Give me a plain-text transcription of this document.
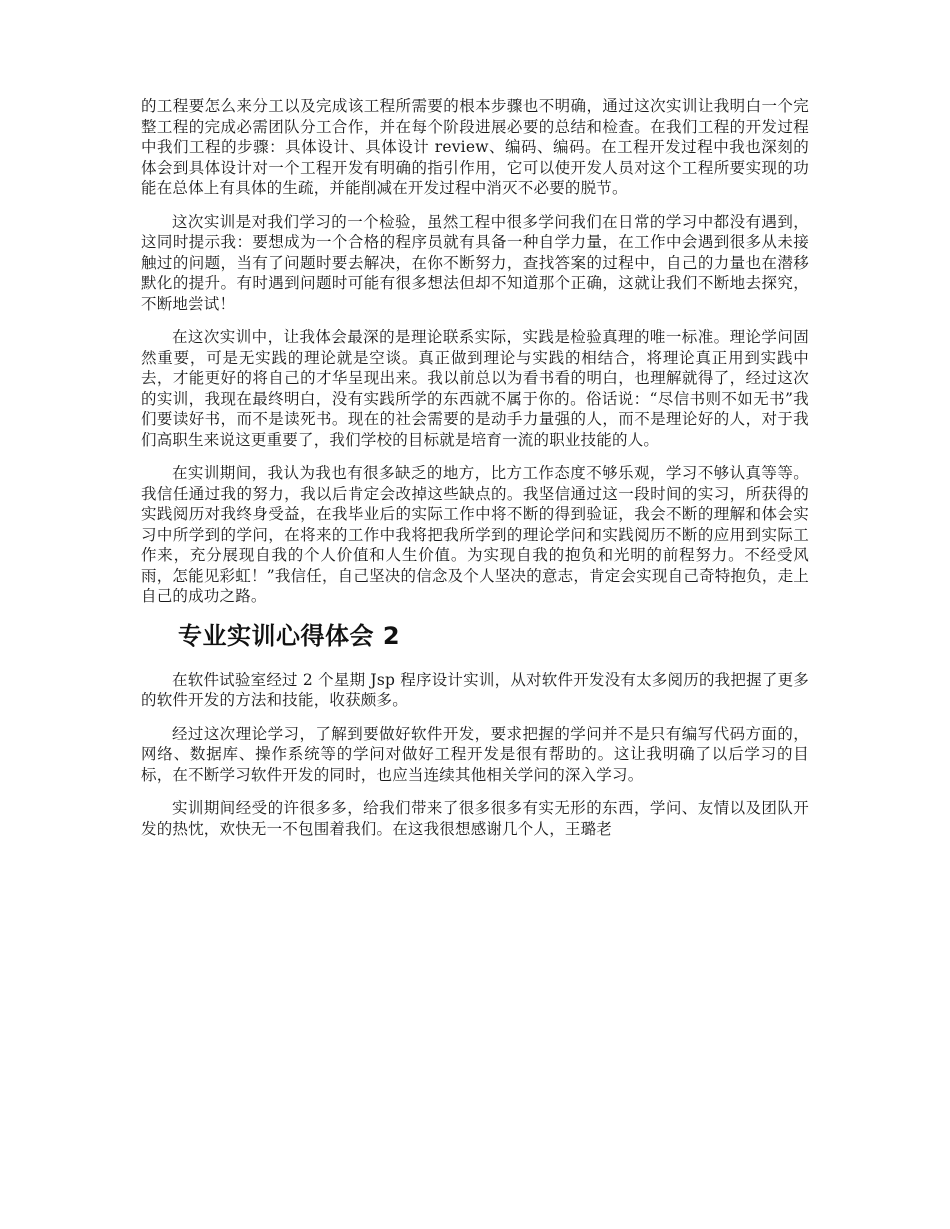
的工程要怎么来分工以及完成该工程所需要的根本步骤也不明确，通过这次实训让我明白一个完整工程的完成必需团队分工合作，并在每个阶段进展必要的总结和检查。在我们工程的开发过程中我们工程的步骤：具体设计、具体设计 review、编码、编码。在工程开发过程中我也深刻的体会到具体设计对一个工程开发有明确的指引作用，它可以使开发人员对这个工程所要实现的功能在总体上有具体的生疏，并能削减在开发过程中消灭不必要的脱节。

这次实训是对我们学习的一个检验，虽然工程中很多学问我们在日常的学习中都没有遇到，这同时提示我：要想成为一个合格的程序员就有具备一种自学力量，在工作中会遇到很多从未接触过的问题，当有了问题时要去解决，在你不断努力，查找答案的过程中，自己的力量也在潜移默化的提升。有时遇到问题时可能有很多想法但却不知道那个正确，这就让我们不断地去探究，不断地尝试！

在这次实训中，让我体会最深的是理论联系实际，实践是检验真理的唯一标准。理论学问固然重要，可是无实践的理论就是空谈。真正做到理论与实践的相结合，将理论真正用到实践中去，才能更好的将自己的才华呈现出来。我以前总以为看书看的明白，也理解就得了，经过这次的实训，我现在最终明白，没有实践所学的东西就不属于你的。俗话说：“尽信书则不如无书”我们要读好书，而不是读死书。现在的社会需要的是动手力量强的人，而不是理论好的人，对于我们高职生来说这更重要了，我们学校的目标就是培育一流的职业技能的人。

在实训期间，我认为我也有很多缺乏的地方，比方工作态度不够乐观，学习不够认真等等。我信任通过我的努力，我以后肯定会改掉这些缺点的。我坚信通过这一段时间的实习，所获得的实践阅历对我终身受益，在我毕业后的实际工作中将不断的得到验证，我会不断的理解和体会实习中所学到的学问，在将来的工作中我将把我所学到的理论学问和实践阅历不断的应用到实际工作来，充分展现自我的个人价值和人生价值。为实现自我的抱负和光明的前程努力。不经受风雨，怎能见彩虹！”我信任，自己坚决的信念及个人坚决的意志，肯定会实现自己奇特抱负，走上自己的成功之路。

专业实训心得体会 2

在软件试验室经过 2 个星期 Jsp 程序设计实训，从对软件开发没有太多阅历的我把握了更多的软件开发的方法和技能，收获颇多。

经过这次理论学习，了解到要做好软件开发，要求把握的学问并不是只有编写代码方面的，网络、数据库、操作系统等的学问对做好工程开发是很有帮助的。这让我明确了以后学习的目标，在不断学习软件开发的同时，也应当连续其他相关学问的深入学习。

实训期间经受的许很多多，给我们带来了很多很多有实无形的东西，学问、友情以及团队开发的热忱，欢快无一不包围着我们。在这我很想感谢几个人，王璐老
